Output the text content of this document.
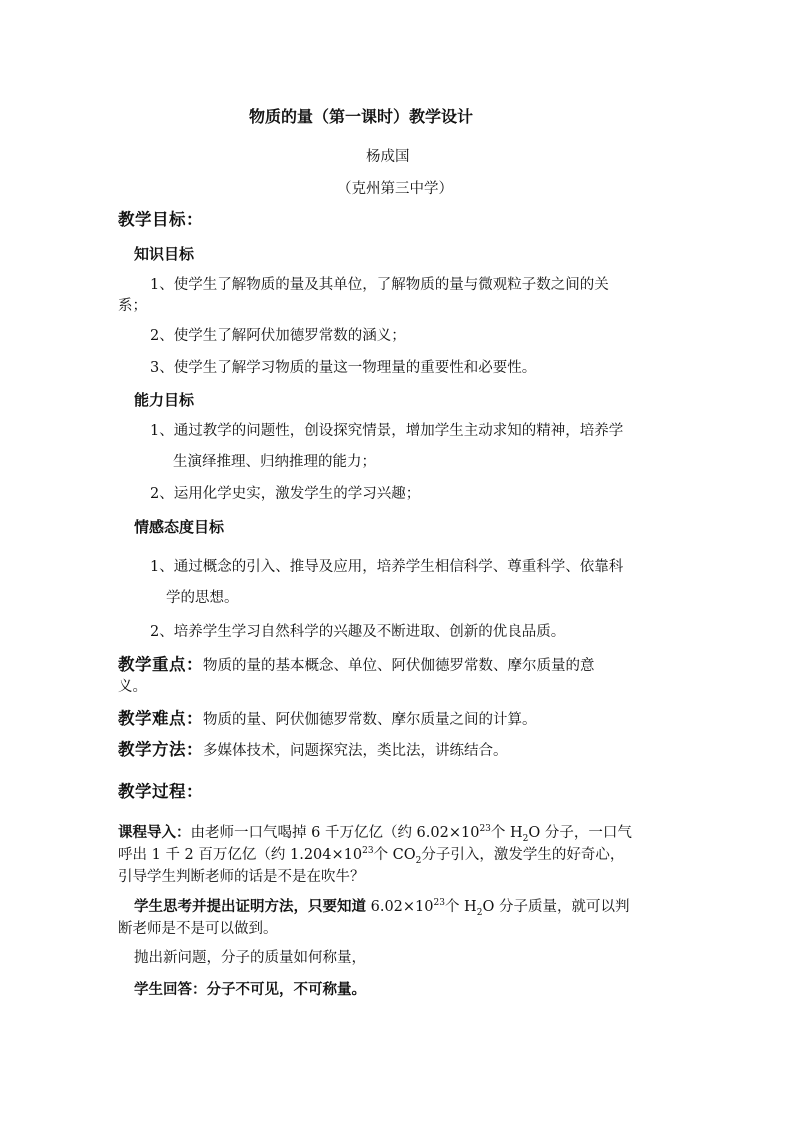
物质的量（第一课时）教学设计
杨成国
（克州第三中学）
教学目标：
知识目标
1、使学生了解物质的量及其单位，了解物质的量与微观粒子数之间的关
系；
2、使学生了解阿伏加德罗常数的涵义；
3、使学生了解学习物质的量这一物理量的重要性和必要性。
能力目标
1、通过教学的问题性，创设探究情景，增加学生主动求知的精神，培养学
生演绎推理、归纳推理的能力；
2、运用化学史实，激发学生的学习兴趣；
情感态度目标
1、通过概念的引入、推导及应用，培养学生相信科学、尊重科学、依靠科
学的思想。
2、培养学生学习自然科学的兴趣及不断进取、创新的优良品质。
教学重点：物质的量的基本概念、单位、阿伏伽德罗常数、摩尔质量的意
义。
教学难点：物质的量、阿伏伽德罗常数、摩尔质量之间的计算。
教学方法：多媒体技术，问题探究法，类比法，讲练结合。
教学过程：
课程导入：由老师一口气喝掉 6 千万亿亿（约 $6.02\times 10^{23}$个 $H_2O$ 分子，一口气
呼出 1 千 2 百万亿亿（约 $1.204\times 10^{23}$个 $CO_2$分子引入，激发学生的好奇心，
引导学生判断老师的话是不是在吹牛？
学生思考并提出证明方法，只要知道 $6.02\times 10^{23}$个 $H_2O$ 分子质量，就可以判
断老师是不是可以做到。
抛出新问题，分子的质量如何称量，
学生回答：分子不可见，不可称量。
